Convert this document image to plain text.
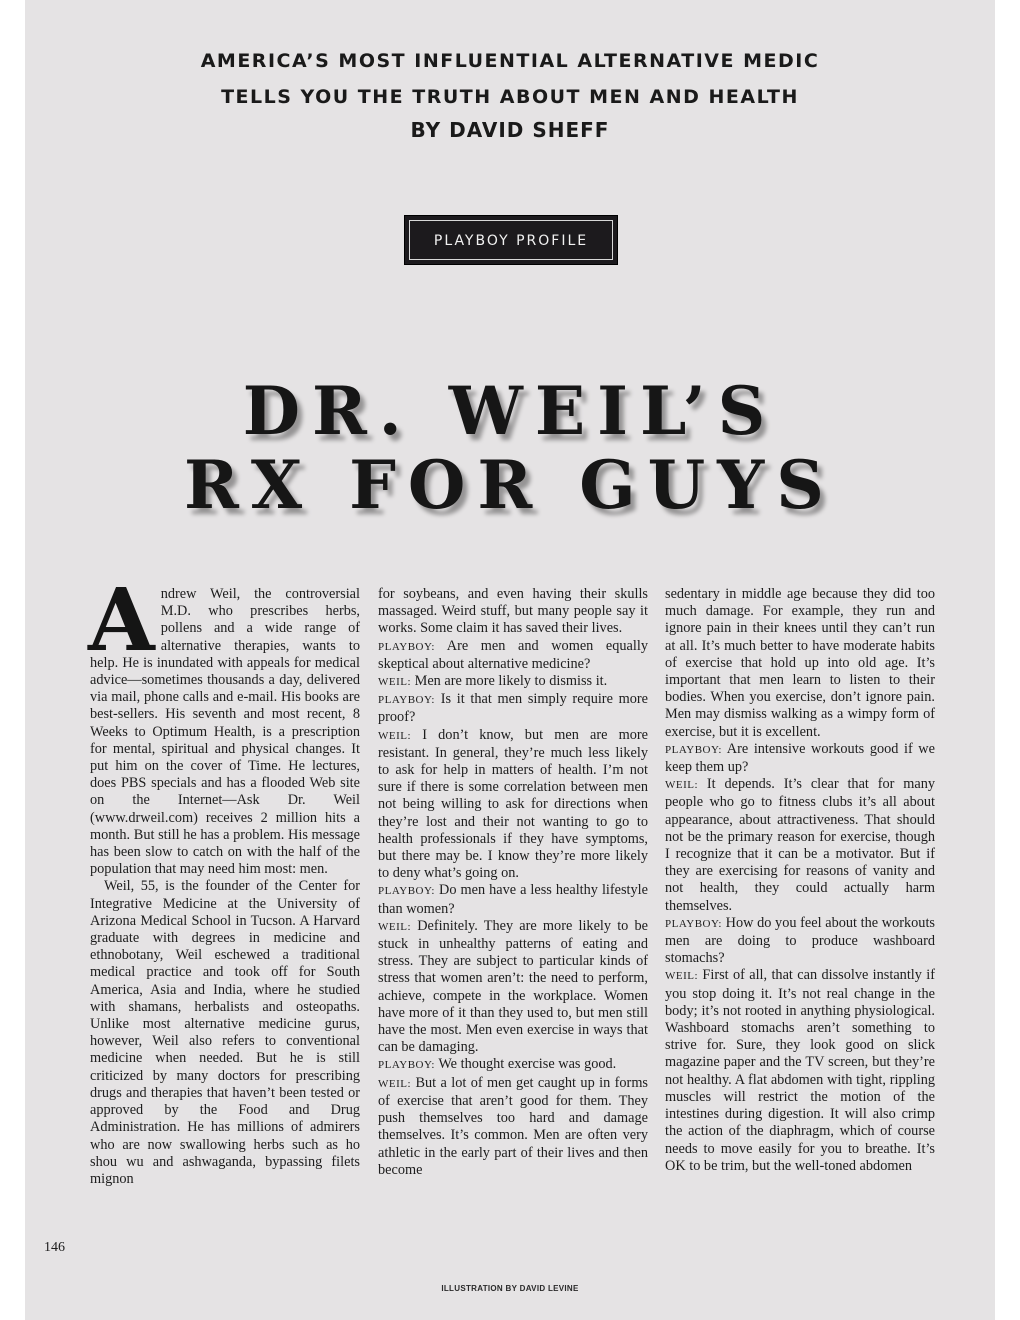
AMERICA’S MOST INFLUENTIAL ALTERNATIVE MEDIC
TELLS YOU THE TRUTH ABOUT MEN AND HEALTH
BY DAVID SHEFF
PLAYBOY PROFILE
DR. WEIL’S
RX FOR GUYS

Andrew Weil, the controversial M.D. who prescribes herbs, pollens and a wide range of alternative therapies, wants to help. He is inundated with appeals for medical advice—sometimes thousands a day, delivered via mail, phone calls and e-mail. His books are best-sellers. His seventh and most recent, 8 Weeks to Optimum Health, is a prescription for mental, spiritual and physical changes. It put him on the cover of Time. He lectures, does PBS specials and has a flooded Web site on the Internet—Ask Dr. Weil (www.drweil.com) receives 2 million hits a month. But still he has a problem. His message has been slow to catch on with the half of the population that may need him most: men.

Weil, 55, is the founder of the Center for Integrative Medicine at the University of Arizona Medical School in Tucson. A Harvard graduate with degrees in medicine and ethnobotany, Weil eschewed a traditional medical practice and took off for South America, Asia and India, where he studied with shamans, herbalists and osteopaths. Unlike most alternative medicine gurus, however, Weil also refers to conventional medicine when needed. But he is still criticized by many doctors for prescribing drugs and therapies that haven’t been tested or approved by the Food and Drug Administration. He has millions of admirers who are now swallowing herbs such as ho shou wu and ashwaganda, bypassing filets mignon

for soybeans, and even having their skulls massaged. Weird stuff, but many people say it works. Some claim it has saved their lives.

PLAYBOY: Are men and women equally skeptical about alternative medicine?

WEIL: Men are more likely to dismiss it.

PLAYBOY: Is it that men simply require more proof?

WEIL: I don’t know, but men are more resistant. In general, they’re much less likely to ask for help in matters of health. I’m not sure if there is some correlation between men not being willing to ask for directions when they’re lost and their not wanting to go to health professionals if they have symptoms, but there may be. I know they’re more likely to deny what’s going on.

PLAYBOY: Do men have a less healthy lifestyle than women?

WEIL: Definitely. They are more likely to be stuck in unhealthy patterns of eating and stress. They are subject to particular kinds of stress that women aren’t: the need to perform, achieve, compete in the workplace. Women have more of it than they used to, but men still have the most. Men even exercise in ways that can be damaging.

PLAYBOY: We thought exercise was good.

WEIL: But a lot of men get caught up in forms of exercise that aren’t good for them. They push themselves too hard and damage themselves. It’s common. Men are often very athletic in the early part of their lives and then become

sedentary in middle age because they did too much damage. For example, they run and ignore pain in their knees until they can’t run at all. It’s much better to have moderate habits of exercise that hold up into old age. It’s important that men learn to listen to their bodies. When you exercise, don’t ignore pain. Men may dismiss walking as a wimpy form of exercise, but it is excellent.

PLAYBOY: Are intensive workouts good if we keep them up?

WEIL: It depends. It’s clear that for many people who go to fitness clubs it’s all about appearance, about attractiveness. That should not be the primary reason for exercise, though I recognize that it can be a motivator. But if they are exercising for reasons of vanity and not health, they could actually harm themselves.

PLAYBOY: How do you feel about the workouts men are doing to produce washboard stomachs?

WEIL: First of all, that can dissolve instantly if you stop doing it. It’s not real change in the body; it’s not rooted in anything physiological. Washboard stomachs aren’t something to strive for. Sure, they look good on slick magazine paper and the TV screen, but they’re not healthy. A flat abdomen with tight, rippling muscles will restrict the motion of the intestines during digestion. It will also crimp the action of the diaphragm, which of course needs to move easily for you to breathe. It’s OK to be trim, but the well-toned abdomen

146
ILLUSTRATION BY DAVID LEVINE
